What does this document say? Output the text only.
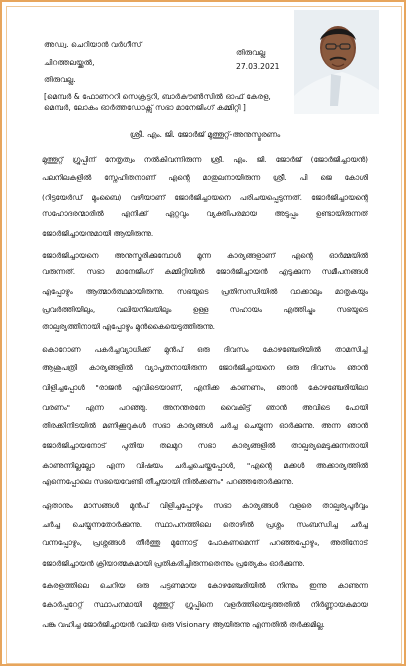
അഡ്വ. ചെറിയാൻ വർഗീസ്
ചിറത്തലയ്ക്കൽ,
തിരുവല്ല.
[മെമ്പർ & ഫോണററി സെക്രട്ടറി, ബാർകൗൺസിൽ ഓഫ് കേരള, മെമ്പർ, ലോകം ഓർത്തഡോക്സ് സഭാ മാനേജിംഗ് കമ്മിറ്റി ]
തിരുവല്ല
27.03.2021
ശ്രീ. എം. ജി. ജോർജ് മുത്തൂറ്റ്-അനുസ്മരണം
മുത്തൂറ്റ് ഗ്രൂപ്പിന് നേതൃത്വം നൽകിവന്നിരുന്ന ശ്രീ. എം. ജി. ജോർജ് (ജോർജിച്ചായൻ)
പലനിലകളിൽ സ്നേഹിതനാണ് എന്റെ മാതുലനായിരുന്ന ശ്രീ. പി ജെ കോശി
(റിട്ടയേർഡ് മുംബൈ) വഴിയാണ് ജോർജിച്ചായനെ പരിചയപ്പെടുന്നത്. ജോർജിച്ചായന്റെ
സഹോദരന്മാരിൽ എനിക്ക് ഏറ്റവും വ്യക്തിപരമായ അടുപ്പം ഉണ്ടായിരുന്നത്
ജോർജിച്ചായനുമായി ആയിരുന്നു.
ജോർജിച്ചായനെ അനുസ്മരിക്കുമ്പോൾ മൂന്ന കാര്യങ്ങളാണ് എന്റെ ഓർമ്മയിൽ
വരുന്നത്. സഭാ മാനേജിംഗ് കമ്മിറ്റിയിൽ ജോർജിച്ചായൻ എടുക്കുന്ന സമീപനങ്ങൾ
എപ്പോഴും ആത്മാർത്ഥമായിരുന്നു. സഭയുടെ പ്രതിസന്ധിയിൽ വാക്കാലും മാതൃകയും
പ്രവർത്തിയിലും, വലിയനിലയിലും ഉള്ള സഹായം എത്തിച്ചും സഭയുടെ
താല്പര്യത്തിനായി എപ്പോഴും മുൻകൈയെടുത്തിരുന്നു.
കൊറോണ പകർച്ചവ്യാധിക്ക് മുൻപ് ഒരു ദിവസം കോഴഞ്ചേരിയിൽ താമസിച്ച്
ആശുപത്രി കാര്യങ്ങളിൽ വ്യാപൃതനായിരുന്ന ജോർജിച്ചായനെ ഒരു ദിവസം ഞാൻ
വിളിച്ചപ്പോൾ "രാജൻ എവിടെയാണ്, എനിക്ക കാണണം, ഞാൻ കോഴഞ്ചേരിയിലാ
വരണം" എന്ന പറഞ്ഞു. അനന്തരനേ വൈകിട്ട് ഞാൻ അവിടെ പോയി
തിരക്കിനിടയിൽ മണിക്കൂറുകൾ സഭാ കാര്യങ്ങൾ ചർച്ച ചെയ്യുന്ന ഓർക്കുന്നു. അന്ന ഞാൻ
ജോർജിച്ചായനോട് പുതിയ തലമുറ സഭാ കാര്യങ്ങളിൽ താല്പര്യമെടുക്കുന്നതായി
കാണുന്നില്ലല്ലോ എന്ന വിഷയം ചർച്ചചെയ്തപ്പോൾ, "എന്റെ മക്കൾ അക്കാര്യത്തിൽ
എന്നെപ്പോലെ സഭയെവേണ്ടി തീച്ചയായി നിൽക്കണം" പറഞ്ഞതോർക്കുന്നു.
ഏതാനും മാസങ്ങൾ മുൻപ് വിളിച്ചപ്പോഴും സഭാ കാര്യങ്ങൾ വളരെ താല്പര്യപൂർവ്വം
ചർച്ച ചെയ്യുന്നതോർക്കുന്നു. സ്ഥാപനത്തിലെ തൊഴിൽ പ്രശ്നം സംബന്ധിച്ച ചർച്ച
വന്നപ്പോഴും, പ്രശ്നങ്ങൾ തീർത്തു മുന്നോട്ട് പോകണമെന്ന് പറഞ്ഞപ്പോഴും, അതിനോട്
ജോർജിച്ചായൻ ക്രിയാത്മകമായി പ്രതികരിച്ചിരുന്നതെന്നും പ്രത്യേകം ഓർക്കുന്നു.
കേരളത്തിലെ ചെറിയ ഒരു പട്ടണമായ കോഴഞ്ചേരിയിൽ നിന്നും ഇന്നു കാണുന്ന
കോർപ്പറേറ്റ് സ്ഥാപനമായി മുത്തൂറ്റ് ഗ്രൂപ്പിനെ വളർത്തിയെടുത്തതിൽ നിർണ്ണായകമായ
പങ്കു വഹിച്ച ജോർജിച്ചായൻ വലിയ ഒരു Visionary ആയിരുന്നു എന്നതിൽ തർക്കമില്ല.
